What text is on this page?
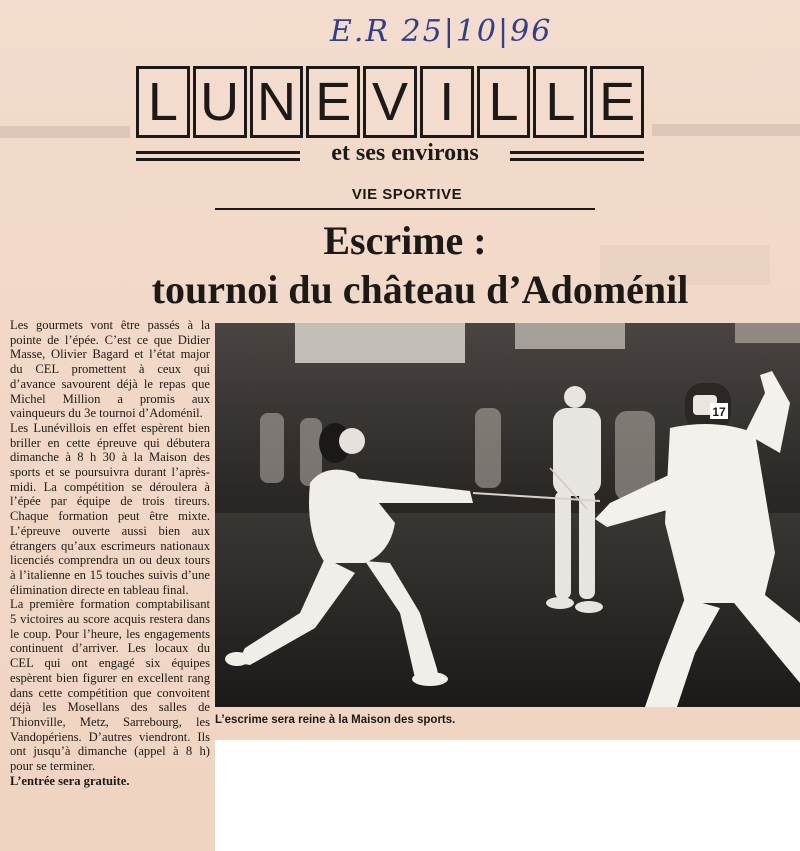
E.R 25|10|96
L U N E V I L L E
et ses environs
VIE SPORTIVE
Escrime :
tournoi du château d’Adoménil

Les gourmets vont être passés à la pointe de l’épée. C’est ce que Didier Masse, Olivier Bagard et l’état major du CEL promettent à ceux qui d’avance savourent déjà le repas que Michel Million a promis aux vainqueurs du 3e tournoi d’Adoménil.

Les Lunévillois en effet espèrent bien briller en cette épreuve qui débutera dimanche à 8 h 30 à la Maison des sports et se poursuivra durant l’après-midi. La compétition se déroulera à l’épée par équipe de trois tireurs. Chaque formation peut être mixte. L’épreuve ouverte aussi bien aux étrangers qu’aux escrimeurs nationaux licenciés comprendra un ou deux tours à l’italienne en 15 touches suivis d’une élimination directe en tableau final.

La première formation comptabilisant 5 victoires au score acquis restera dans le coup. Pour l’heure, les engagements continuent d’arriver. Les locaux du CEL qui ont engagé six équipes espèrent bien figurer en excellent rang dans cette compétition que convoitent déjà les Mosellans des salles de Thionville, Metz, Sarrebourg, les Vandopériens. D’autres viendront. Ils ont jusqu’à dimanche (appel à 8 h) pour se terminer.

L’entrée sera gratuite.

17
L’escrime sera reine à la Maison des sports.
